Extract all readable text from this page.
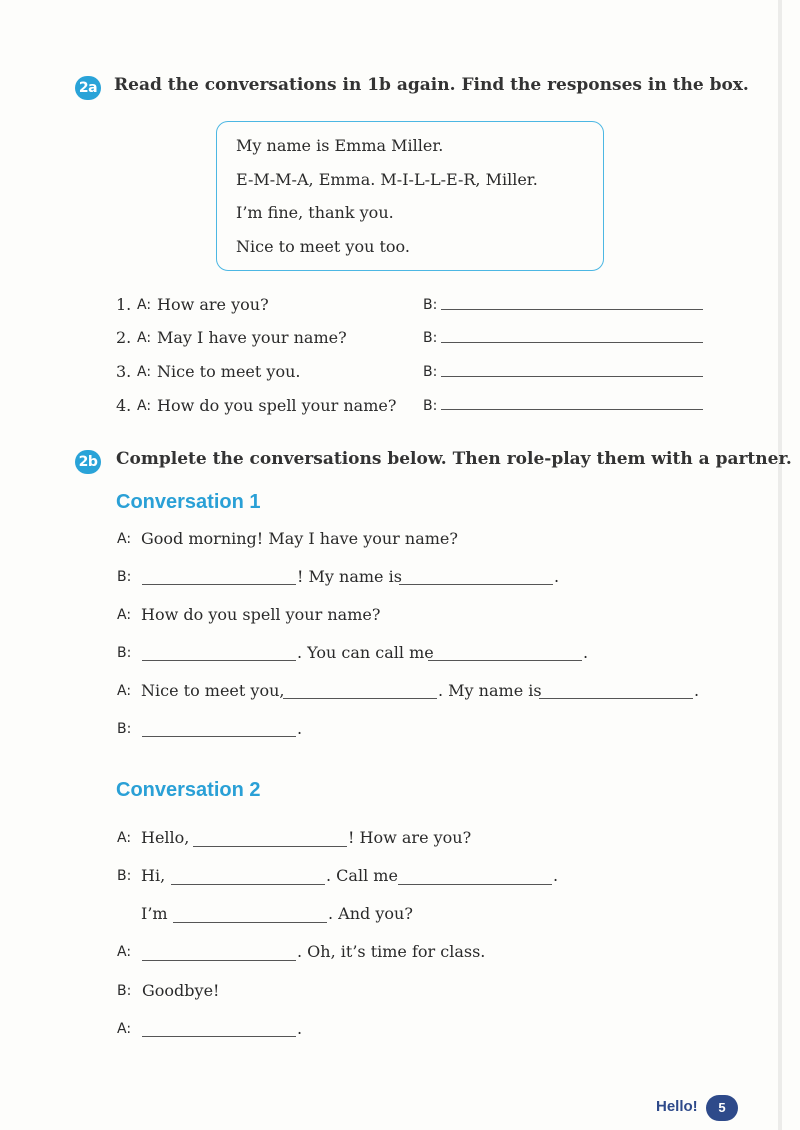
2a Read the conversations in 1b again. Find the responses in the box.
My name is Emma Miller.
E-M-M-A, Emma. M-I-L-L-E-R, Miller.
I’m fine, thank you.
Nice to meet you too.
1. A: How are you?	B:
2. A: May I have your name?	B:
3. A: Nice to meet you.	B:
4. A: How do you spell your name? B:
2b Complete the conversations below. Then role-play them with a partner.
Conversation 1
A: Good morning! May I have your name?
B:	! My name is	.
A: How do you spell your name?
B:	. You can call me	.
A: Nice to meet you,	. My name is	.
B:	.
Conversation 2
A: Hello,	! How are you?
B: Hi,	. Call me	.
I’m	. And you?
A:	. Oh, it’s time for class.
B: Goodbye!
A:	.
Hello!	5
